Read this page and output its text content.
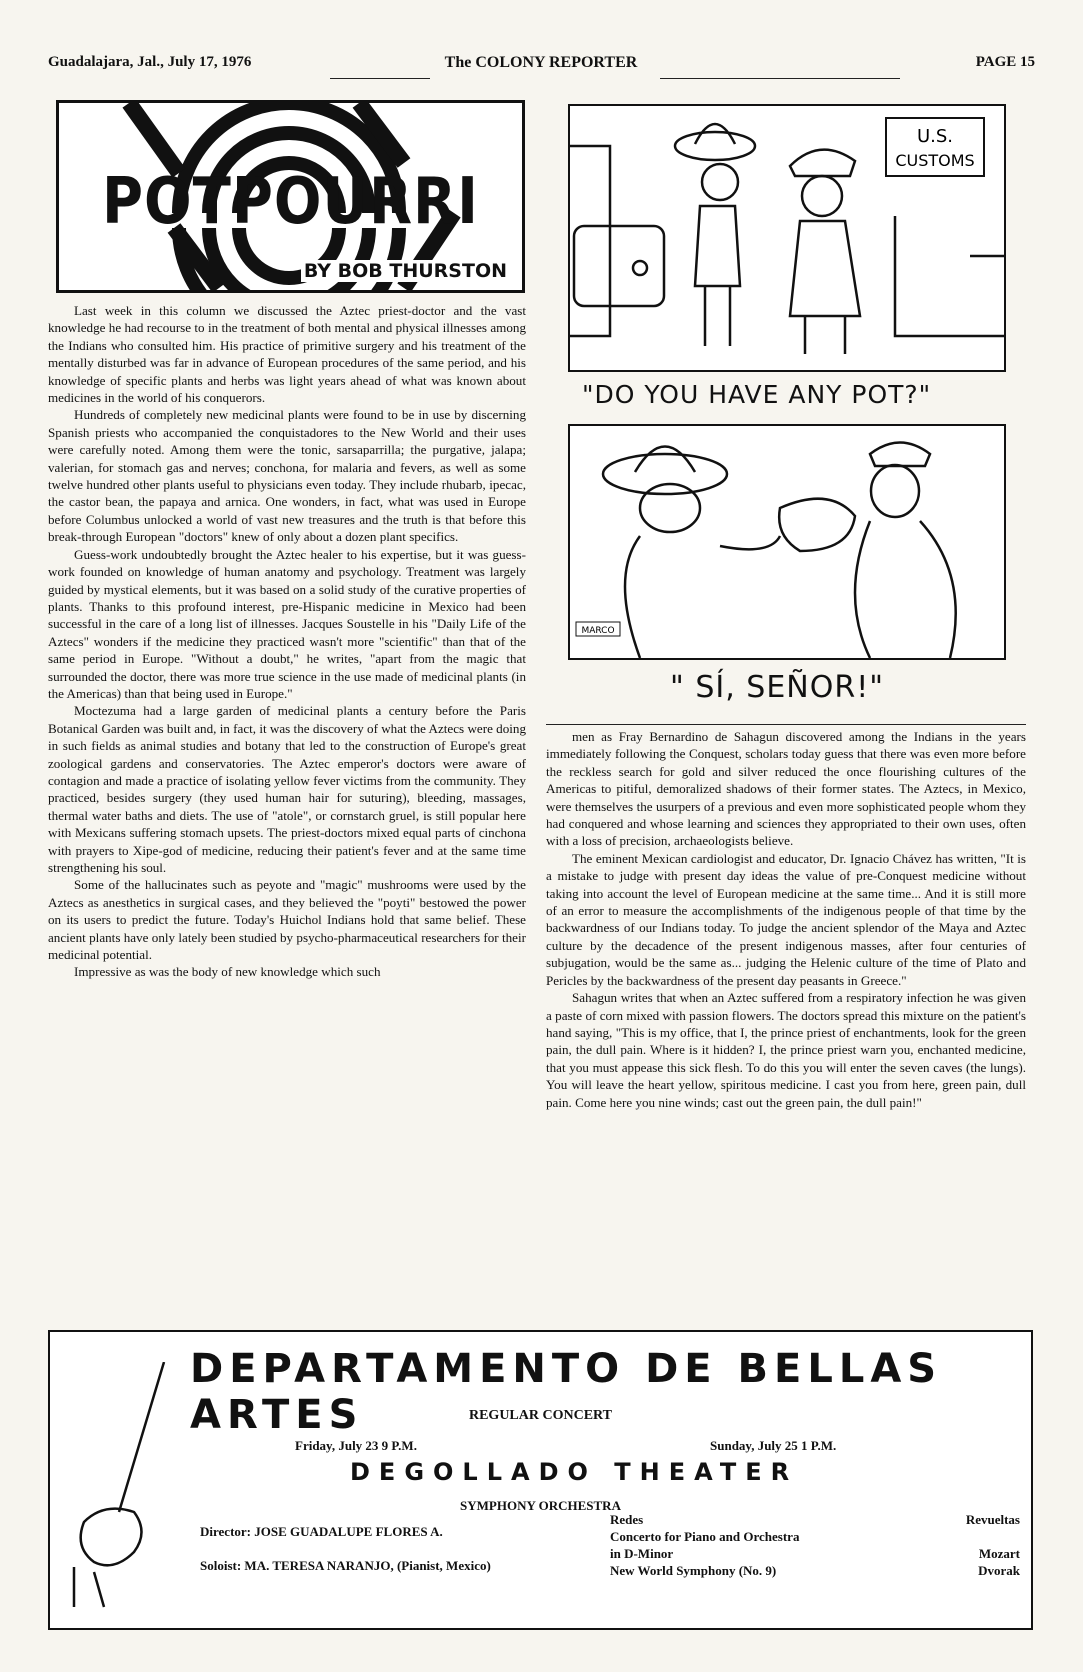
Guadalajara, Jal., July 17, 1976	The COLONY REPORTER	PAGE 15
POTPOURRI
BY BOB THURSTON

Last week in this column we discussed the Aztec priest-doctor and the vast knowledge he had recourse to in the treatment of both mental and physical illnesses among the Indians who consulted him. His practice of primitive surgery and his treatment of the mentally disturbed was far in advance of European procedures of the same period, and his knowledge of specific plants and herbs was light years ahead of what was known about medicines in the world of his conquerors.

Hundreds of completely new medicinal plants were found to be in use by discerning Spanish priests who accompanied the conquistadores to the New World and their uses were carefully noted. Among them were the tonic, sarsaparrilla; the purgative, jalapa; valerian, for stomach gas and nerves; conchona, for malaria and fevers, as well as some twelve hundred other plants useful to physicians even today. They include rhubarb, ipecac, the castor bean, the papaya and arnica. One wonders, in fact, what was used in Europe before Columbus unlocked a world of vast new treasures and the truth is that before this break-through European "doctors" knew of only about a dozen plant specifics.

Guess-work undoubtedly brought the Aztec healer to his expertise, but it was guess-work founded on knowledge of human anatomy and psychology. Treatment was largely guided by mystical elements, but it was based on a solid study of the curative properties of plants. Thanks to this profound interest, pre-Hispanic medicine in Mexico had been successful in the care of a long list of illnesses. Jacques Soustelle in his "Daily Life of the Aztecs" wonders if the medicine they practiced wasn't more "scientific" than that of the same period in Europe. "Without a doubt," he writes, "apart from the magic that surrounded the doctor, there was more true science in the use made of medicinal plants (in the Americas) than that being used in Europe."

Moctezuma had a large garden of medicinal plants a century before the Paris Botanical Garden was built and, in fact, it was the discovery of what the Aztecs were doing in such fields as animal studies and botany that led to the construction of Europe's great zoological gardens and conservatories. The Aztec emperor's doctors were aware of contagion and made a practice of isolating yellow fever victims from the community. They practiced, besides surgery (they used human hair for suturing), bleeding, massages, thermal water baths and diets. The use of "atole", or cornstarch gruel, is still popular here with Mexicans suffering stomach upsets. The priest-doctors mixed equal parts of cinchona with prayers to Xipe-god of medicine, reducing their patient's fever and at the same time strengthening his soul.

Some of the hallucinates such as peyote and "magic" mushrooms were used by the Aztecs as anesthetics in surgical cases, and they believed the "poyti" bestowed the power on its users to predict the future. Today's Huichol Indians hold that same belief. These ancient plants have only lately been studied by psycho-pharmaceutical researchers for their medicinal potential.

Impressive as was the body of new knowledge which such

U.S.
CUSTOMS
"DO YOU HAVE ANY POT?"
MARCO
" SÍ, SEÑOR!"

men as Fray Bernardino de Sahagun discovered among the Indians in the years immediately following the Conquest, scholars today guess that there was even more before the reckless search for gold and silver reduced the once flourishing cultures of the Americas to pitiful, demoralized shadows of their former states. The Aztecs, in Mexico, were themselves the usurpers of a previous and even more sophisticated people whom they had conquered and whose learning and sciences they appropriated to their own uses, often with a loss of precision, archaeologists believe.

The eminent Mexican cardiologist and educator, Dr. Ignacio Chávez has written, "It is a mistake to judge with present day ideas the value of pre-Conquest medicine without taking into account the level of European medicine at the same time... And it is still more of an error to measure the accomplishments of the indigenous people of that time by the backwardness of our Indians today. To judge the ancient splendor of the Maya and Aztec culture by the decadence of the present indigenous masses, after four centuries of subjugation, would be the same as... judging the Helenic culture of the time of Plato and Pericles by the backwardness of the present day peasants in Greece."

Sahagun writes that when an Aztec suffered from a respiratory infection he was given a paste of corn mixed with passion flowers. The doctors spread this mixture on the patient's hand saying, "This is my office, that I, the prince priest of enchantments, look for the green pain, the dull pain. Where is it hidden? I, the prince priest warn you, enchanted medicine, that you must appease this sick flesh. To do this you will enter the seven caves (the lungs). You will leave the heart yellow, spiritous medicine. I cast you from here, green pain, dull pain. Come here you nine winds; cast out the green pain, the dull pain!"

DEPARTAMENTO DE BELLAS ARTES	REGULAR CONCERT
Friday, July 23 9 P.M.	Sunday, July 25 1 P.M.
DEGOLLADO THEATER
SYMPHONY ORCHESTRA
Director: JOSE GUADALUPE FLORES A.
Soloist: MA. TERESA NARANJO, (Pianist, Mexico)
Redes	Revueltas
Concerto for Piano and Orchestra
in D-Minor	Mozart
New World Symphony (No. 9)	Dvorak
